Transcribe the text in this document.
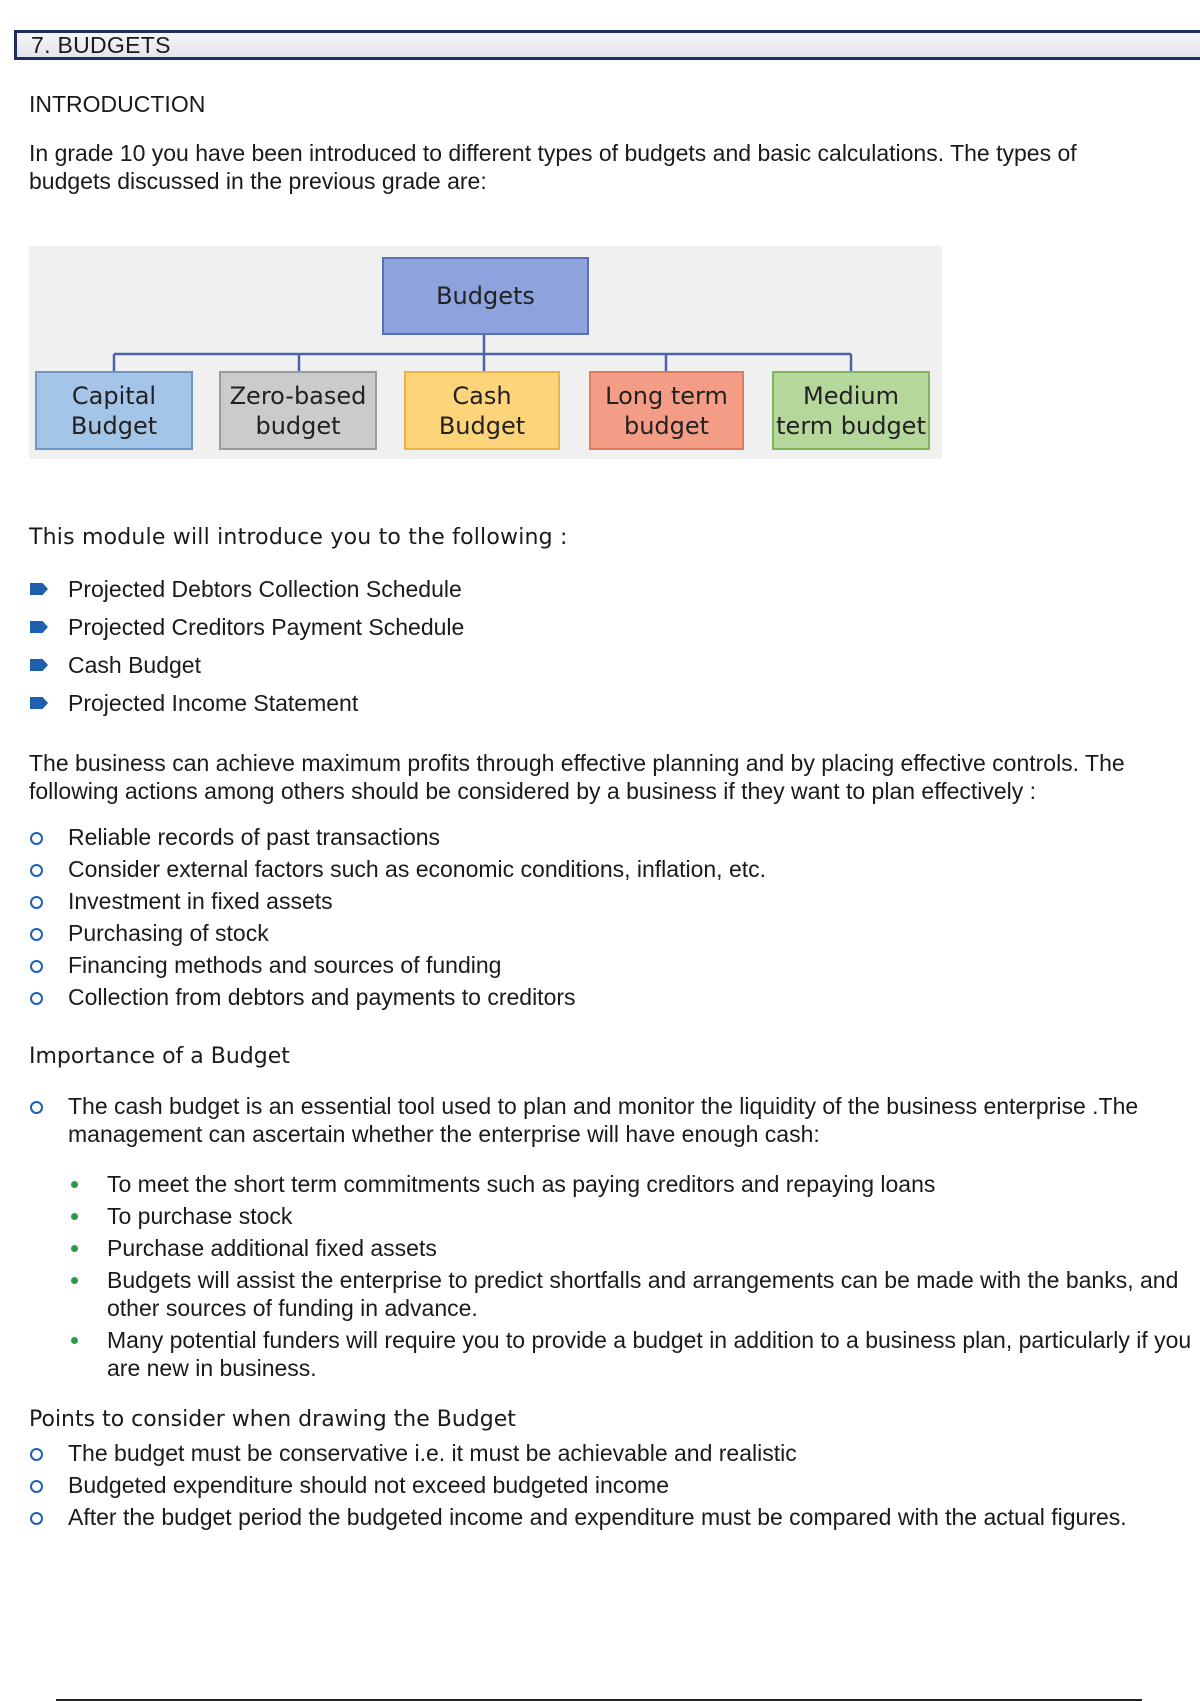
7. BUDGETS
INTRODUCTION
In grade 10 you have been introduced to different types of budgets and basic calculations. The types of budgets discussed in the previous grade are:
Budgets
Capital Budget
Zero-based budget
Cash Budget
Long term budget
Medium term budget
This module will introduce you to the following :
Projected Debtors Collection Schedule
Projected Creditors Payment Schedule
Cash Budget
Projected Income Statement
The business can achieve maximum profits through effective planning and by placing effective controls. The following actions among others should be considered by a business if they want to plan effectively :
Reliable records of past transactions
Consider external factors such as economic conditions, inflation, etc.
Investment in fixed assets
Purchasing of stock
Financing methods and sources of funding
Collection from debtors and payments to creditors
Importance of a Budget
The cash budget is an essential tool used to plan and monitor the liquidity of the business enterprise .The management can ascertain whether the enterprise will have enough cash:
To meet the short term commitments such as paying creditors and repaying loans
To purchase stock
Purchase additional fixed assets
Budgets will assist the enterprise to predict shortfalls and arrangements can be made with the banks, and other sources of funding in advance.
Many potential funders will require you to provide a budget in addition to a business plan, particularly if you are new in business.
Points to consider when drawing the Budget
The budget must be conservative i.e. it must be achievable and realistic
Budgeted expenditure should not exceed budgeted income
After the budget period the budgeted income and expenditure must be compared with the actual figures.
